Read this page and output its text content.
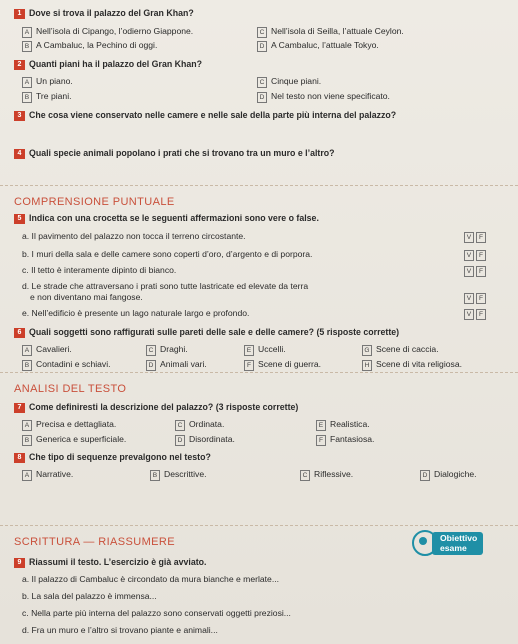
1 Dove si trova il palazzo del Gran Khan?
A Nell’isola di Cipango, l’odierno Giappone.
B A Cambaluc, la Pechino di oggi.
C Nell’isola di Seilla, l’attuale Ceylon.
D A Cambaluc, l’attuale Tokyo.
2 Quanti piani ha il palazzo del Gran Khan?
A Un piano.
B Tre piani.
C Cinque piani.
D Nel testo non viene specificato.
3 Che cosa viene conservato nelle camere e nelle sale della parte più interna del palazzo?
4 Quali specie animali popolano i prati che si trovano tra un muro e l’altro?
COMPRENSIONE PUNTUALE
5 Indica con una crocetta se le seguenti affermazioni sono vere o false.
a. Il pavimento del palazzo non tocca il terreno circostante.	V F
b. I muri della sala e delle camere sono coperti d’oro, d’argento e di porpora.	V F
c. Il tetto è interamente dipinto di bianco.	V F
d. Le strade che attraversano i prati sono tutte lastricate ed elevate da terra
e non diventano mai fangose.	V F
e. Nell’edificio è presente un lago naturale largo e profondo.	V F
6 Quali soggetti sono raffigurati sulle pareti delle sale e delle camere? (5 risposte corrette)
A Cavalieri.
B Contadini e schiavi.
C Draghi.
D Animali vari.
E Uccelli.
F Scene di guerra.
G Scene di caccia.
H Scene di vita religiosa.
ANALISI DEL TESTO
7 Come definiresti la descrizione del palazzo? (3 risposte corrette)
A Precisa e dettagliata.
B Generica e superficiale.
C Ordinata.
D Disordinata.
E Realistica.
F Fantasiosa.
8 Che tipo di sequenze prevalgono nel testo?
A Narrative.	B Descrittive.	C Riflessive.	D Dialogiche.
SCRITTURA — RIASSUMERE	Obiettivo
esame
9 Riassumi il testo. L’esercizio è già avviato.
a. Il palazzo di Cambaluc è circondato da mura bianche e merlate...
b. La sala del palazzo è immensa...
c. Nella parte più interna del palazzo sono conservati oggetti preziosi...
d. Fra un muro e l’altro si trovano piante e animali...
